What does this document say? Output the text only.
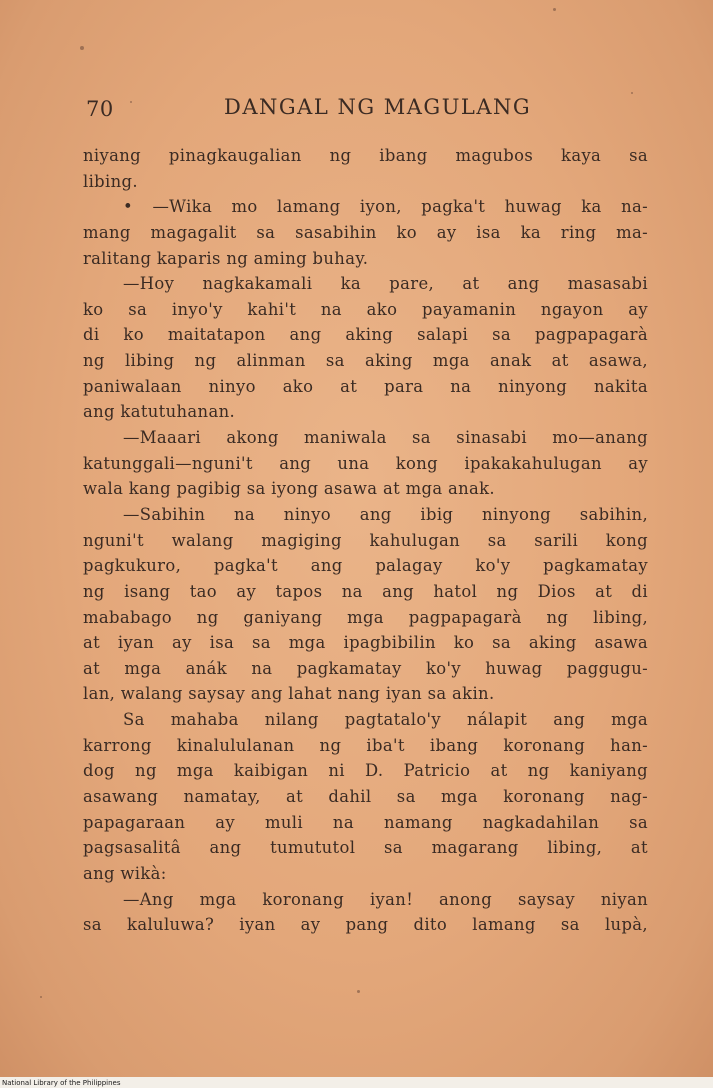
70	DANGAL NG MAGULANG
niyang pinagkaugalian ng ibang magubos kaya sa
libing.
• —Wika mo lamang iyon, pagka't huwag ka na-
mang magagalit sa sasabihin ko ay isa ka ring ma-
ralitang kaparis ng aming buhay.
—Hoy nagkakamali ka pare, at ang masasabi
ko sa inyo'y kahi't na ako payamanin ngayon ay
di ko maitatapon ang aking salapi sa pagpapagarà
ng libing ng alinman sa aking mga anak at asawa,
paniwalaan ninyo ako at para na ninyong nakita
ang katutuhanan.
—Maaari akong maniwala sa sinasabi mo—anang
katunggali—nguni't ang una kong ipakakahulugan ay
wala kang pagibig sa iyong asawa at mga anak.
—Sabihin na ninyo ang ibig ninyong sabihin,
nguni't walang magiging kahulugan sa sarili kong
pagkukuro, pagka't ang palagay ko'y pagkamatay
ng isang tao ay tapos na ang hatol ng Dios at di
mababago ng ganiyang mga pagpapagarà ng libing,
at iyan ay isa sa mga ipagbibilin ko sa aking asawa
at mga anák na pagkamatay ko'y huwag paggugu-
lan, walang saysay ang lahat nang iyan sa akin.
Sa mahaba nilang pagtatalo'y nálapit ang mga
karrong kinalululanan ng iba't ibang koronang han-
dog ng mga kaibigan ni D. Patricio at ng kaniyang
asawang namatay, at dahil sa mga koronang nag-
papagaraan ay muli na namang nagkadahilan sa
pagsasalitâ ang tumututol sa magarang libing, at
ang wikà:
—Ang mga koronang iyan! anong saysay niyan
sa kaluluwa? iyan ay pang dito lamang sa lupà,
National Library of the Philippines
